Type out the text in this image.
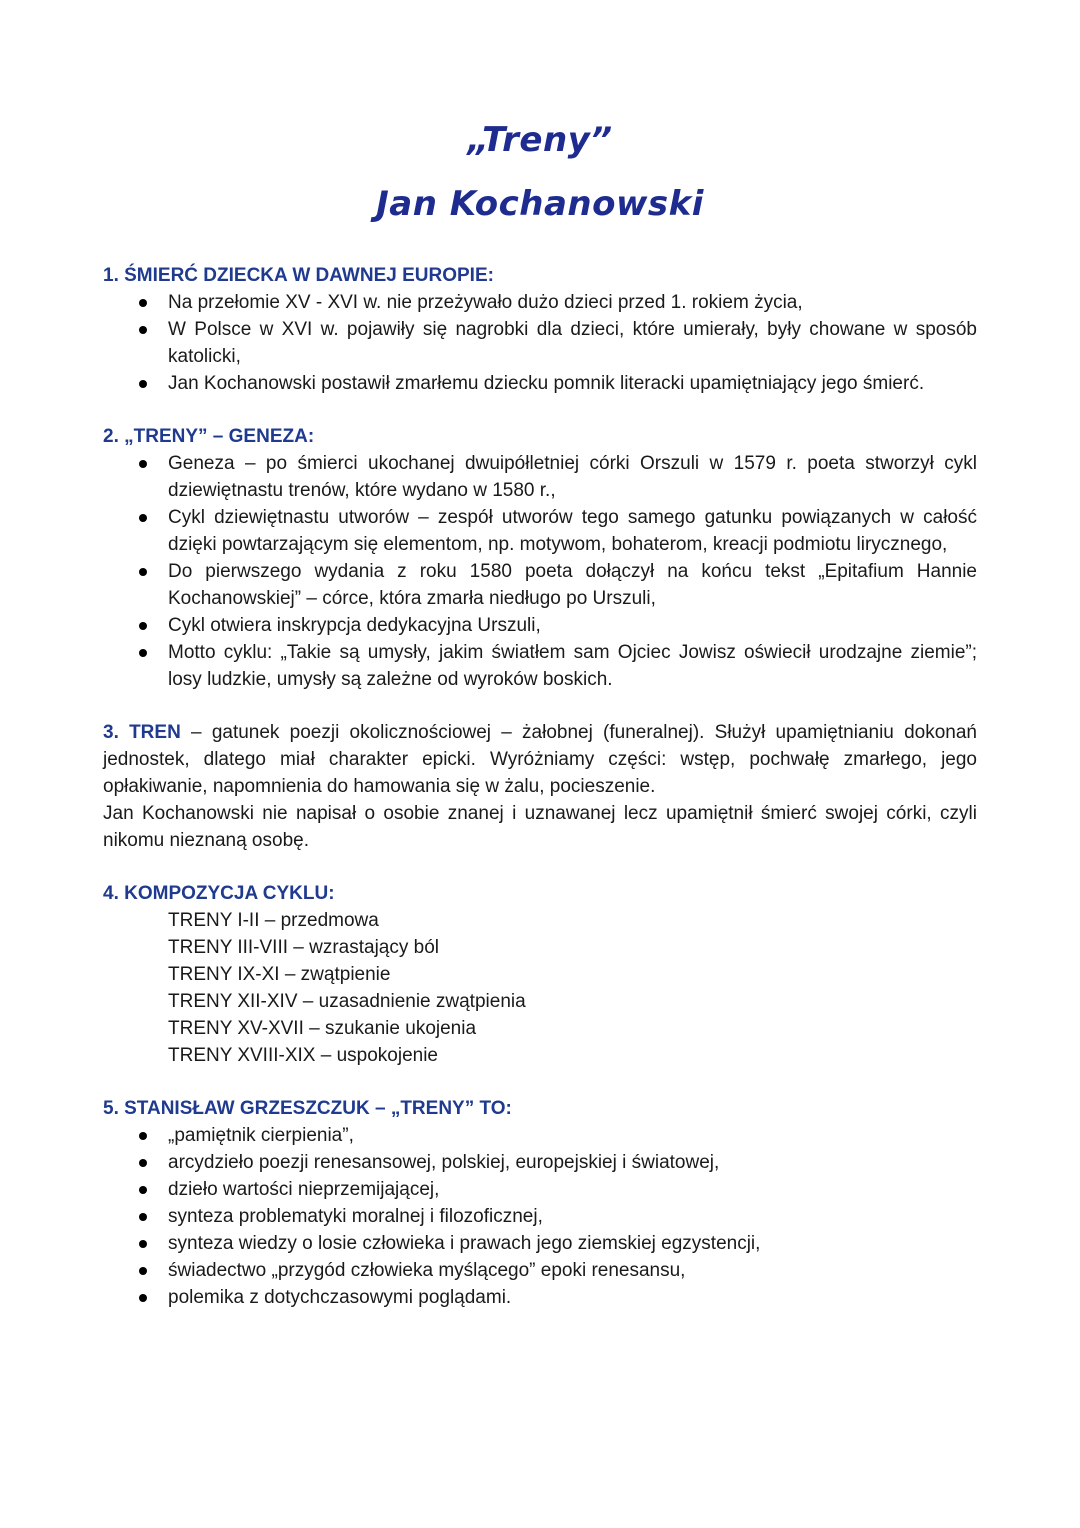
„Treny”
Jan Kochanowski

1. ŚMIERĆ DZIECKA W DAWNEJ EUROPIE:

Na przełomie XV - XVI w. nie przeżywało dużo dzieci przed 1. rokiem życia,
W Polsce w XVI w. pojawiły się nagrobki dla dzieci, które umierały, były chowane w sposób katolicki,
Jan Kochanowski postawił zmarłemu dziecku pomnik literacki upamiętniający jego śmierć.

2. „TRENY” – GENEZA:

Geneza – po śmierci ukochanej dwuipółletniej córki Orszuli w 1579 r. poeta stworzył cykl dziewiętnastu trenów, które wydano w 1580 r.,
Cykl dziewiętnastu utworów – zespół utworów tego samego gatunku powiązanych w całość dzięki powtarzającym się elementom, np. motywom, bohaterom, kreacji podmiotu lirycznego,
Do pierwszego wydania z roku 1580 poeta dołączył na końcu tekst „Epitafium Hannie Kochanowskiej” – córce, która zmarła niedługo po Urszuli,
Cykl otwiera inskrypcja dedykacyjna Urszuli,
Motto cyklu: „Takie są umysły, jakim światłem sam Ojciec Jowisz oświecił urodzajne ziemie”; losy ludzkie, umysły są zależne od wyroków boskich.

3. TREN – gatunek poezji okolicznościowej – żałobnej (funeralnej). Służył upamiętnianiu dokonań jednostek, dlatego miał charakter epicki. Wyróżniamy części: wstęp, pochwałę zmarłego, jego opłakiwanie, napomnienia do hamowania się w żalu, pocieszenie.

Jan Kochanowski nie napisał o osobie znanej i uznawanej lecz upamiętnił śmierć swojej córki, czyli nikomu nieznaną osobę.

4. KOMPOZYCJA CYKLU:

TRENY I-II – przedmowa
TRENY III-VIII – wzrastający ból
TRENY IX-XI – zwątpienie
TRENY XII-XIV – uzasadnienie zwątpienia
TRENY XV-XVII – szukanie ukojenia
TRENY XVIII-XIX – uspokojenie

5. STANISŁAW GRZESZCZUK – „TRENY” TO:

„pamiętnik cierpienia”,
arcydzieło poezji renesansowej, polskiej, europejskiej i światowej,
dzieło wartości nieprzemijającej,
synteza problematyki moralnej i filozoficznej,
synteza wiedzy o losie człowieka i prawach jego ziemskiej egzystencji,
świadectwo „przygód człowieka myślącego” epoki renesansu,
polemika z dotychczasowymi poglądami.
